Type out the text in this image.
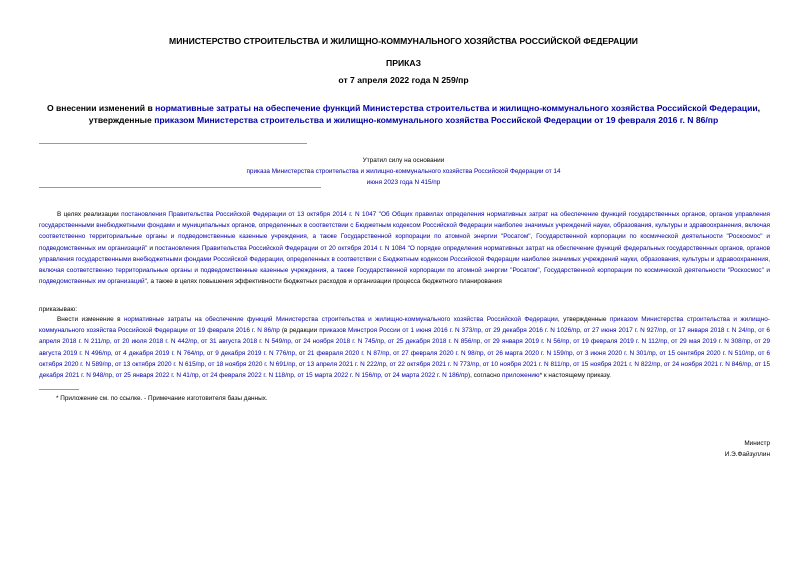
МИНИСТЕРСТВО СТРОИТЕЛЬСТВА И ЖИЛИЩНО-КОММУНАЛЬНОГО ХОЗЯЙСТВА РОССИЙСКОЙ ФЕДЕРАЦИИ
ПРИКАЗ
от 7 апреля 2022 года N 259/пр
О внесении изменений в нормативные затраты на обеспечение функций Министерства строительства и жилищно-коммунального хозяйства Российской Федерации, утвержденные приказом Министерства строительства и жилищно-коммунального хозяйства Российской Федерации от 19 февраля 2016 г. N 86/пр
Утратил силу на основании
приказа Министерства строительства и жилищно-коммунального хозяйства Российской Федерации от 14 июня 2023 года N 415/пр
В целях реализации постановления Правительства Российской Федерации от 13 октября 2014 г. N 1047 "Об Общих правилах определения нормативных затрат на обеспечение функций государственных органов, органов управления государственными внебюджетными фондами и муниципальных органов, определенных в соответствии с Бюджетным кодексом Российской Федерации наиболее значимых учреждений науки, образования, культуры и здравоохранения, включая соответственно территориальные органы и подведомственные казенные учреждения, а также Государственной корпорации по атомной энергии "Росатом", Государственной корпорации по космической деятельности "Роскосмос" и подведомственных им организаций" и постановления Правительства Российской Федерации от 20 октября 2014 г. N 1084 "О порядке определения нормативных затрат на обеспечение функций федеральных государственных органов, органов управления государственными внебюджетными фондами Российской Федерации, определенных в соответствии с Бюджетным кодексом Российской Федерации наиболее значимых учреждений науки, образования, культуры и здравоохранения, включая соответственно территориальные органы и подведомственные казенные учреждения, а также Государственной корпорации по атомной энергии "Росатом", Государственной корпорации по космической деятельности "Роскосмос" и подведомственных им организаций", а также в целях повышения эффективности бюджетных расходов и организации процесса бюджетного планирования
приказываю:
Внести изменение в нормативные затраты на обеспечение функций Министерства строительства и жилищно-коммунального хозяйства Российской Федерации, утвержденные приказом Министерства строительства и жилищно-коммунального хозяйства Российской Федерации от 19 февраля 2016 г. N 86/пр (в редакции приказов Минстроя России от 1 июня 2016 г. N 373/пр, от 29 декабря 2016 г. N 1026/пр, от 27 июня 2017 г. N 927/пр, от 17 января 2018 г. N 24/пр, от 6 апреля 2018 г. N 211/пр, от 20 июля 2018 г. N 442/пр, от 31 августа 2018 г. N 549/пр, от 24 ноября 2018 г. N 745/пр, от 25 декабря 2018 г. N 856/пр, от 29 января 2019 г. N 56/пр, от 19 февраля 2019 г. N 112/пр, от 29 мая 2019 г. N 308/пр, от 29 августа 2019 г. N 496/пр, от 4 декабря 2019 г. N 764/пр, от 9 декабря 2019 г. N 776/пр, от 21 февраля 2020 г. N 87/пр, от 27 февраля 2020 г. N 98/пр, от 26 марта 2020 г. N 159/пр, от 3 июня 2020 г. N 301/пр, от 15 сентября 2020 г. N 510/пр, от 6 октября 2020 г. N 589/пр, от 13 октября 2020 г. N 615/пр, от 18 ноября 2020 г. N 691/пр, от 13 апреля 2021 г. N 222/пр, от 22 октября 2021 г. N 773/пр, от 10 ноября 2021 г. N 811/пр, от 15 ноября 2021 г. N 822/пр, от 24 ноября 2021 г. N 846/пр, от 15 декабря 2021 г. N 948/пр, от 25 января 2022 г. N 41/пр, от 24 февраля 2022 г. N 118/пр, от 15 марта 2022 г. N 156/пр, от 24 марта 2022 г. N 186/пр), согласно приложению* к настоящему приказу.
* Приложение см. по ссылке. - Примечание изготовителя базы данных.
Министр
И.Э.Файзуллин
